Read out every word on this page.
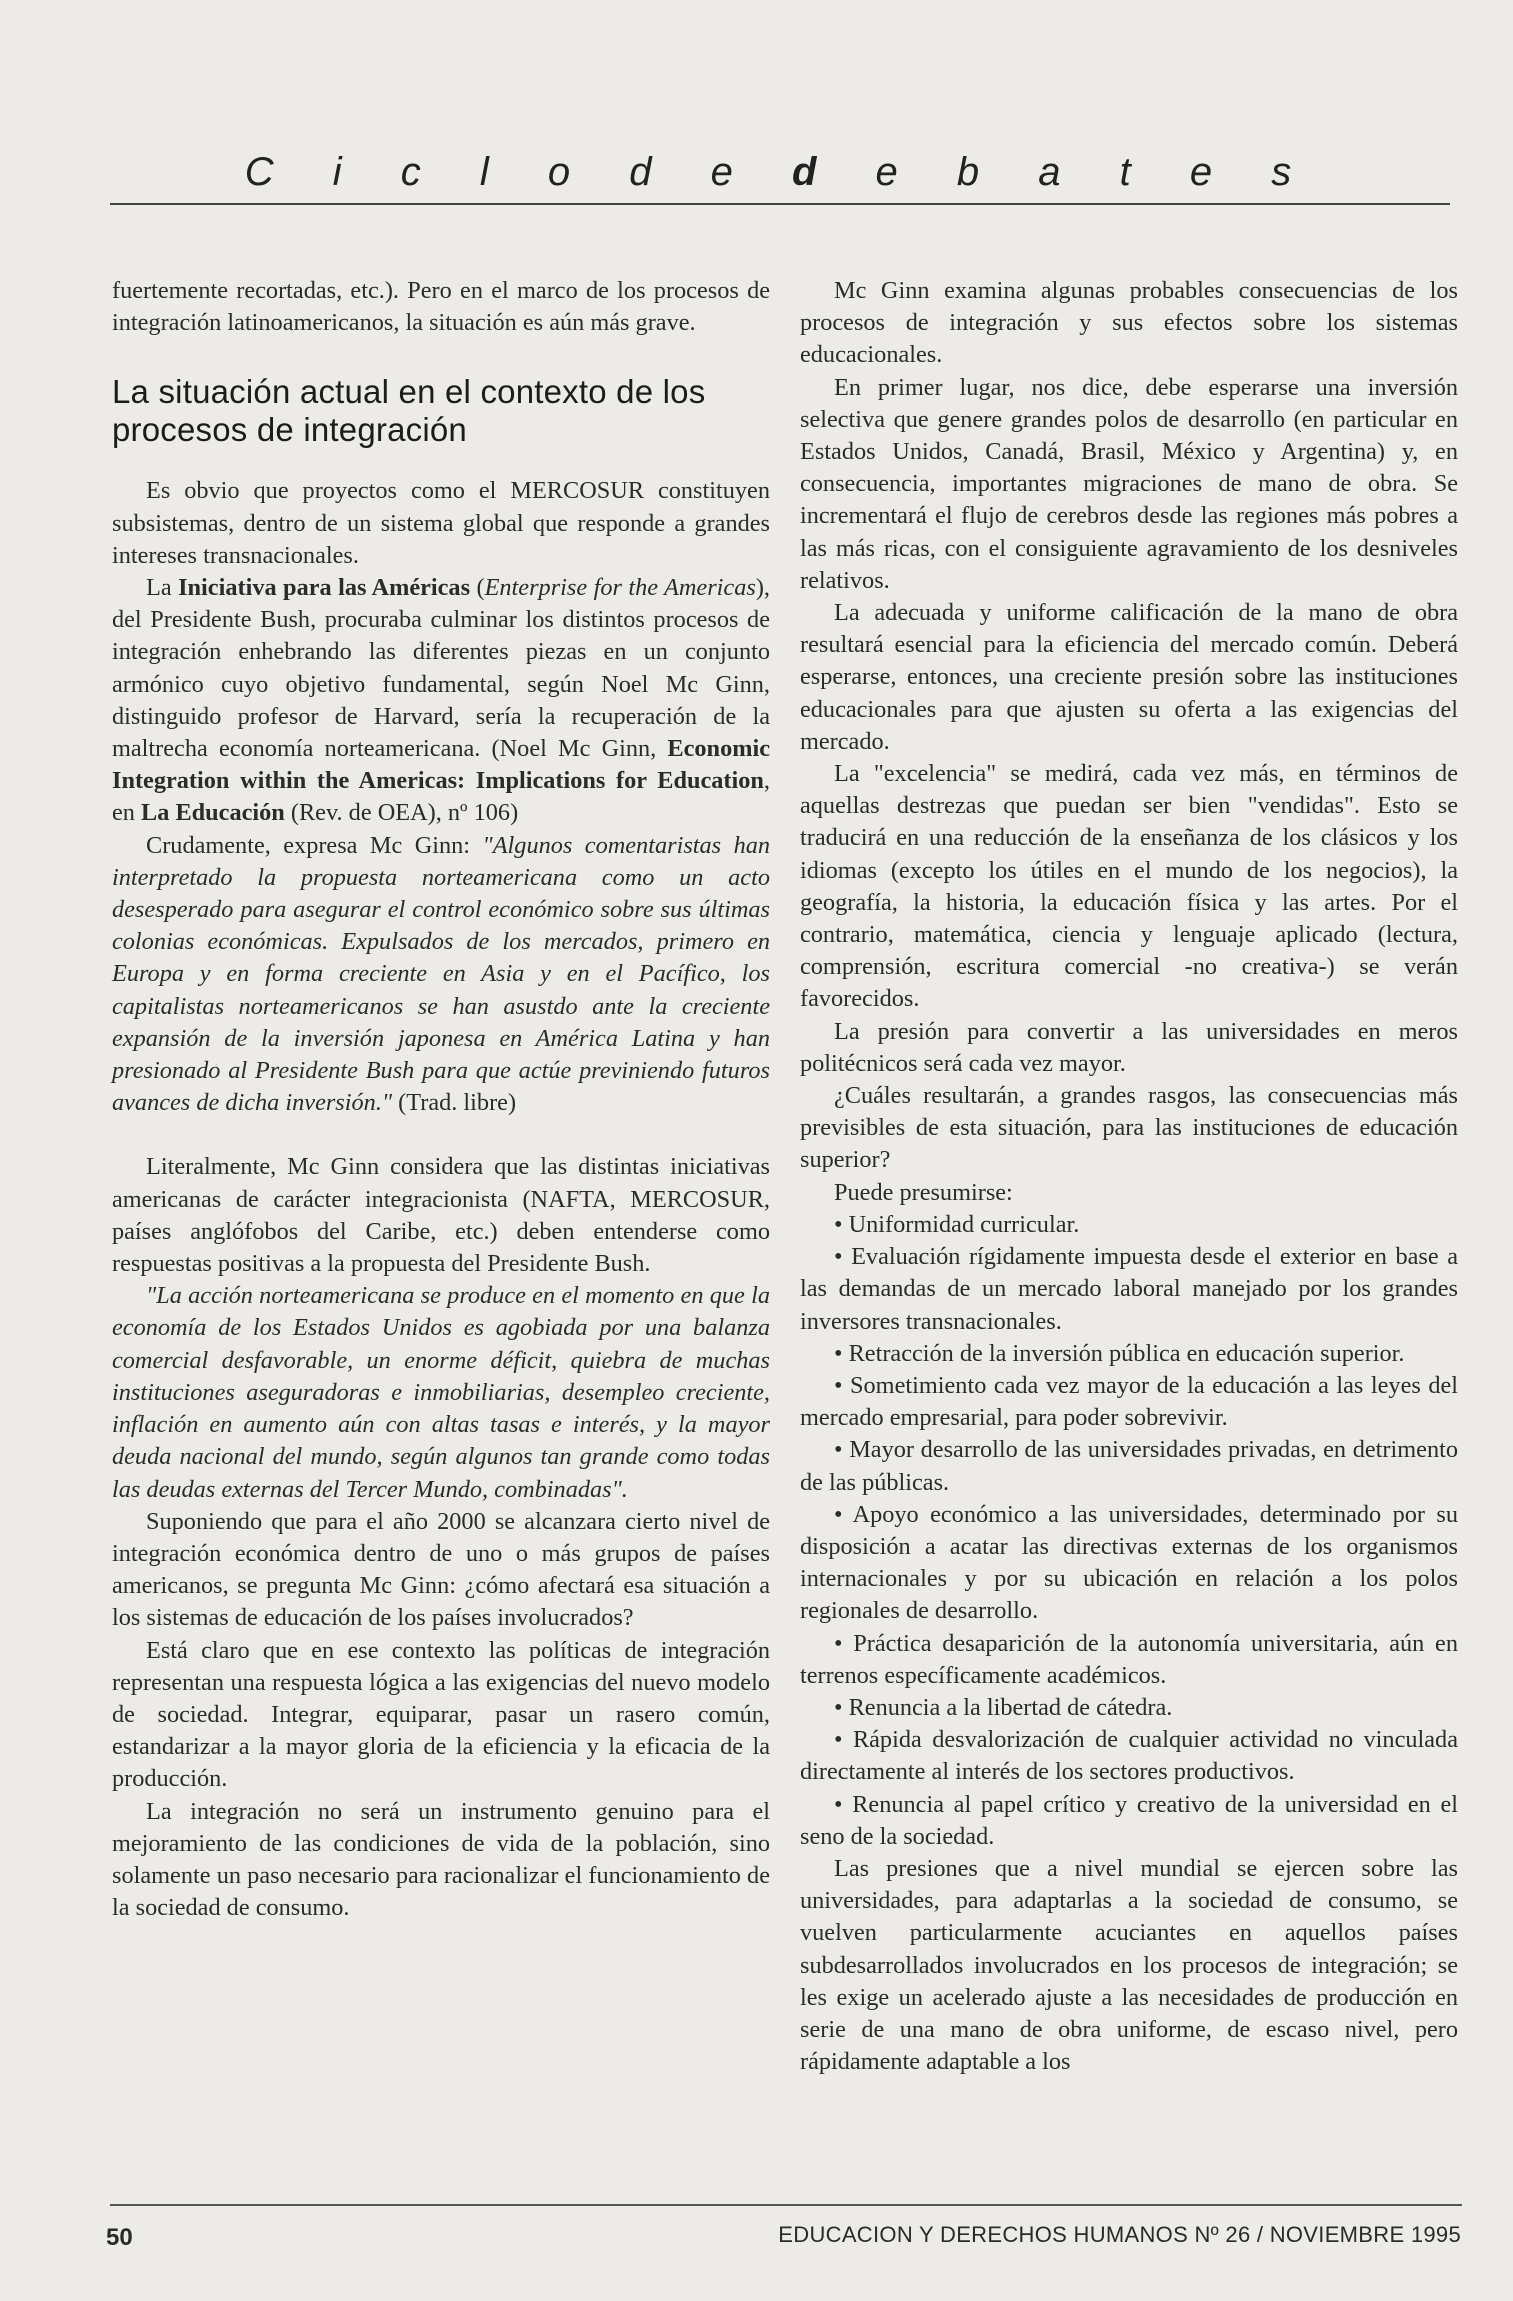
C i c l o d e d e b a t e s

fuertemente recortadas, etc.). Pero en el marco de los procesos de integración latinoamericanos, la situación es aún más grave.

La situación actual en el contexto de los procesos de integración

Es obvio que proyectos como el MERCOSUR constituyen subsistemas, dentro de un sistema global que responde a grandes intereses transnacionales.

La Iniciativa para las Américas (Enterprise for the Americas), del Presidente Bush, procuraba culminar los distintos procesos de integración enhebrando las diferentes piezas en un conjunto armónico cuyo objetivo fundamental, según Noel Mc Ginn, distinguido profesor de Harvard, sería la recuperación de la maltrecha economía norteamericana. (Noel Mc Ginn, Economic Integration within the Americas: Implications for Education, en La Educación (Rev. de OEA), nº 106)

Crudamente, expresa Mc Ginn: "Algunos comentaristas han interpretado la propuesta norteamericana como un acto desesperado para asegurar el control económico sobre sus últimas colonias económicas. Expulsados de los mercados, primero en Europa y en forma creciente en Asia y en el Pacífico, los capitalistas norteamericanos se han asustdo ante la creciente expansión de la inversión japonesa en América Latina y han presionado al Presidente Bush para que actúe previniendo futuros avances de dicha inversión." (Trad. libre)

Literalmente, Mc Ginn considera que las distintas iniciativas americanas de carácter integracionista (NAFTA, MERCOSUR, países anglófobos del Caribe, etc.) deben entenderse como respuestas positivas a la propuesta del Presidente Bush.

"La acción norteamericana se produce en el momento en que la economía de los Estados Unidos es agobiada por una balanza comercial desfavorable, un enorme déficit, quiebra de muchas instituciones aseguradoras e inmobiliarias, desempleo creciente, inflación en aumento aún con altas tasas e interés, y la mayor deuda nacional del mundo, según algunos tan grande como todas las deudas externas del Tercer Mundo, combinadas".

Suponiendo que para el año 2000 se alcanzara cierto nivel de integración económica dentro de uno o más grupos de países americanos, se pregunta Mc Ginn: ¿cómo afectará esa situación a los sistemas de educación de los países involucrados?

Está claro que en ese contexto las políticas de integración representan una respuesta lógica a las exigencias del nuevo modelo de sociedad. Integrar, equiparar, pasar un rasero común, estandarizar a la mayor gloria de la eficiencia y la eficacia de la producción.

La integración no será un instrumento genuino para el mejoramiento de las condiciones de vida de la población, sino solamente un paso necesario para racionalizar el funcionamiento de la sociedad de consumo.

Mc Ginn examina algunas probables consecuencias de los procesos de integración y sus efectos sobre los sistemas educacionales.

En primer lugar, nos dice, debe esperarse una inversión selectiva que genere grandes polos de desarrollo (en particular en Estados Unidos, Canadá, Brasil, México y Argentina) y, en consecuencia, importantes migraciones de mano de obra. Se incrementará el flujo de cerebros desde las regiones más pobres a las más ricas, con el consiguiente agravamiento de los desniveles relativos.

La adecuada y uniforme calificación de la mano de obra resultará esencial para la eficiencia del mercado común. Deberá esperarse, entonces, una creciente presión sobre las instituciones educacionales para que ajusten su oferta a las exigencias del mercado.

La "excelencia" se medirá, cada vez más, en términos de aquellas destrezas que puedan ser bien "vendidas". Esto se traducirá en una reducción de la enseñanza de los clásicos y los idiomas (excepto los útiles en el mundo de los negocios), la geografía, la historia, la educación física y las artes. Por el contrario, matemática, ciencia y lenguaje aplicado (lectura, comprensión, escritura comercial -no creativa-) se verán favorecidos.

La presión para convertir a las universidades en meros politécnicos será cada vez mayor.

¿Cuáles resultarán, a grandes rasgos, las consecuencias más previsibles de esta situación, para las instituciones de educación superior?

Puede presumirse:

• Uniformidad curricular.

• Evaluación rígidamente impuesta desde el exterior en base a las demandas de un mercado laboral manejado por los grandes inversores transnacionales.

• Retracción de la inversión pública en educación superior.

• Sometimiento cada vez mayor de la educación a las leyes del mercado empresarial, para poder sobrevivir.

• Mayor desarrollo de las universidades privadas, en detrimento de las públicas.

• Apoyo económico a las universidades, determinado por su disposición a acatar las directivas externas de los organismos internacionales y por su ubicación en relación a los polos regionales de desarrollo.

• Práctica desaparición de la autonomía universitaria, aún en terrenos específicamente académicos.

• Renuncia a la libertad de cátedra.

• Rápida desvalorización de cualquier actividad no vinculada directamente al interés de los sectores productivos.

• Renuncia al papel crítico y creativo de la universidad en el seno de la sociedad.

Las presiones que a nivel mundial se ejercen sobre las universidades, para adaptarlas a la sociedad de consumo, se vuelven particularmente acuciantes en aquellos países subdesarrollados involucrados en los procesos de integración; se les exige un acelerado ajuste a las necesidades de producción en serie de una mano de obra uniforme, de escaso nivel, pero rápidamente adaptable a los

50	EDUCACION Y DERECHOS HUMANOS Nº 26 / NOVIEMBRE 1995
